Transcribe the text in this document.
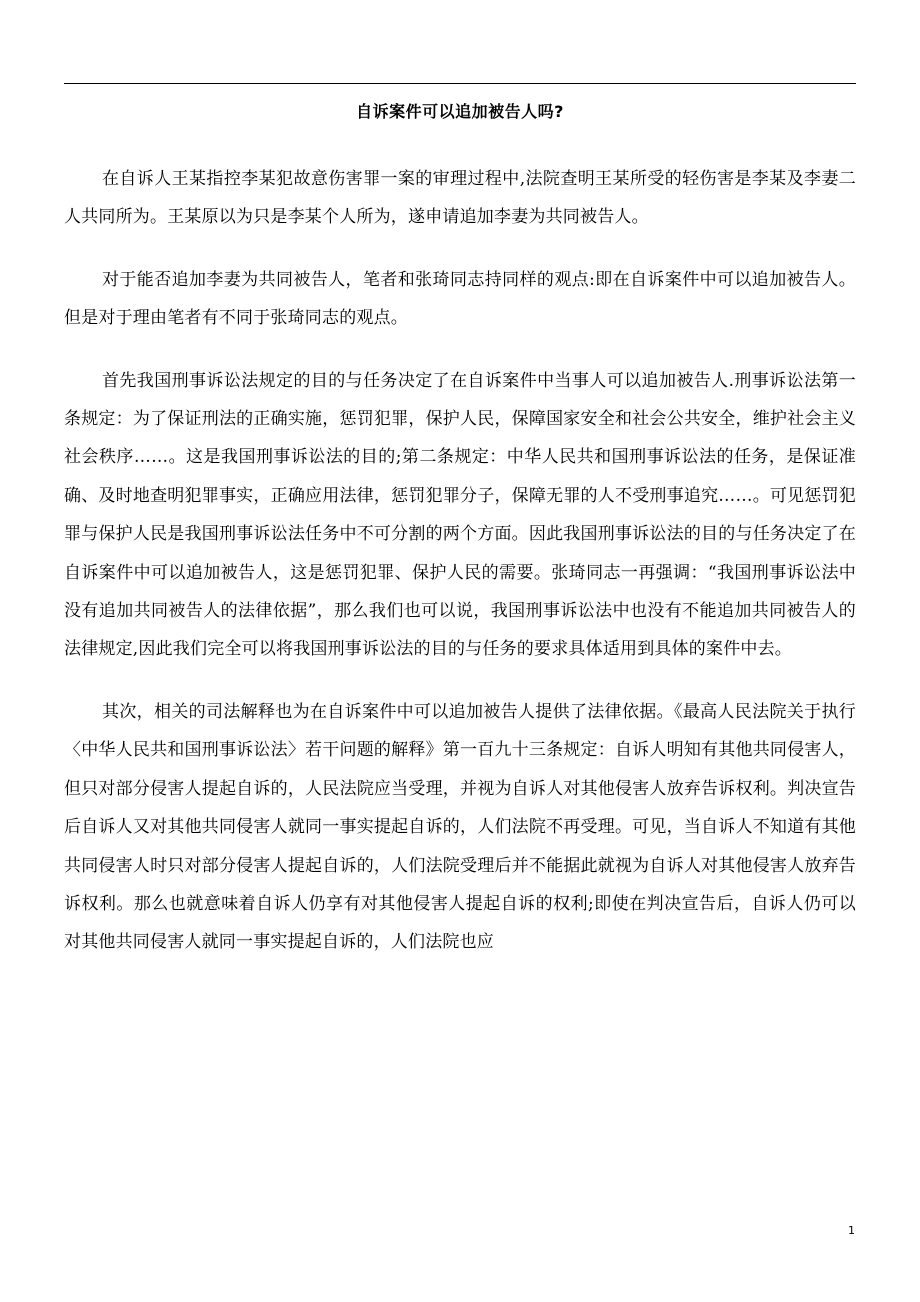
自诉案件可以追加被告人吗?

在自诉人王某指控李某犯故意伤害罪一案的审理过程中,法院查明王某所受的轻伤害是李某及李妻二人共同所为。王某原以为只是李某个人所为，遂申请追加李妻为共同被告人。

对于能否追加李妻为共同被告人，笔者和张琦同志持同样的观点:即在自诉案件中可以追加被告人。但是对于理由笔者有不同于张琦同志的观点。

首先我国刑事诉讼法规定的目的与任务决定了在自诉案件中当事人可以追加被告人.刑事诉讼法第一条规定：为了保证刑法的正确实施，惩罚犯罪，保护人民，保障国家安全和社会公共安全，维护社会主义社会秩序……。这是我国刑事诉讼法的目的;第二条规定：中华人民共和国刑事诉讼法的任务，是保证准确、及时地查明犯罪事实，正确应用法律，惩罚犯罪分子，保障无罪的人不受刑事追究……。可见惩罚犯罪与保护人民是我国刑事诉讼法任务中不可分割的两个方面。因此我国刑事诉讼法的目的与任务决定了在自诉案件中可以追加被告人，这是惩罚犯罪、保护人民的需要。张琦同志一再强调：“我国刑事诉讼法中没有追加共同被告人的法律依据”，那么我们也可以说，我国刑事诉讼法中也没有不能追加共同被告人的法律规定,因此我们完全可以将我国刑事诉讼法的目的与任务的要求具体适用到具体的案件中去。

其次，相关的司法解释也为在自诉案件中可以追加被告人提供了法律依据。《最高人民法院关于执行〈中华人民共和国刑事诉讼法〉若干问题的解释》第一百九十三条规定：自诉人明知有其他共同侵害人，但只对部分侵害人提起自诉的，人民法院应当受理，并视为自诉人对其他侵害人放弃告诉权利。判决宣告后自诉人又对其他共同侵害人就同一事实提起自诉的，人们法院不再受理。可见，当自诉人不知道有其他共同侵害人时只对部分侵害人提起自诉的，人们法院受理后并不能据此就视为自诉人对其他侵害人放弃告诉权利。那么也就意味着自诉人仍享有对其他侵害人提起自诉的权利;即使在判决宣告后，自诉人仍可以对其他共同侵害人就同一事实提起自诉的，人们法院也应

1
